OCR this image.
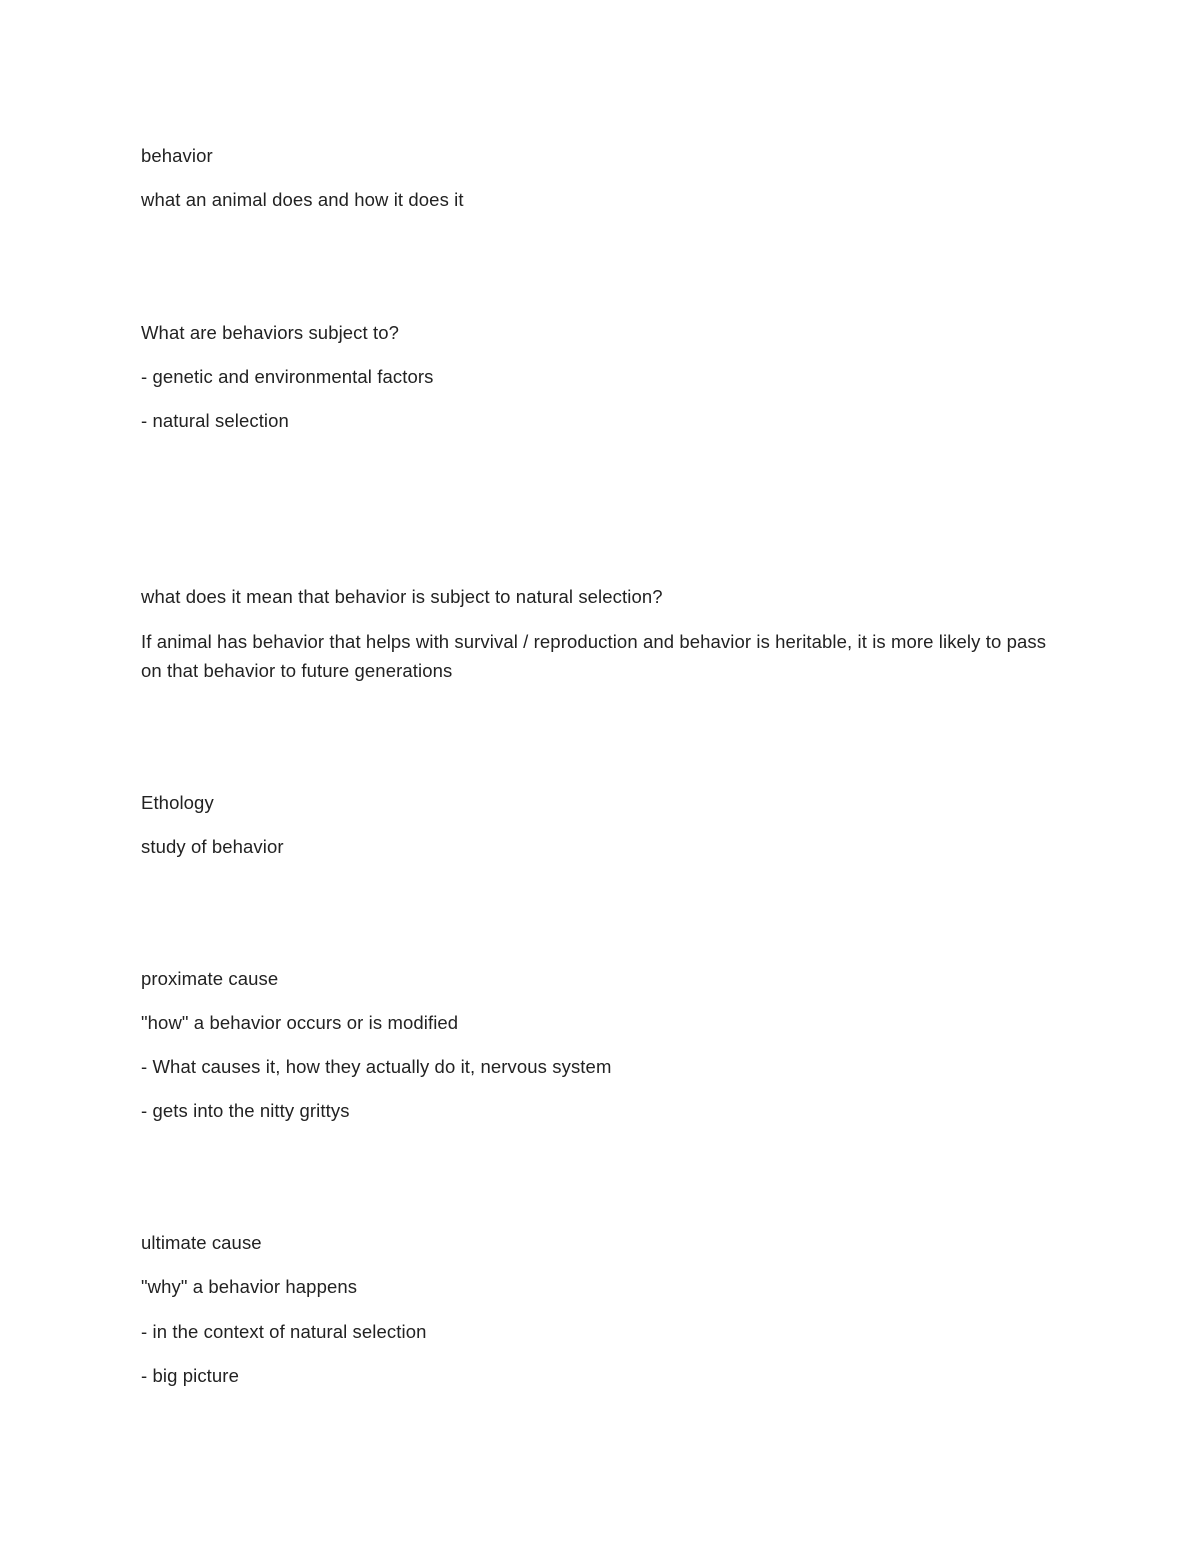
behavior
what an animal does and how it does it
What are behaviors subject to?
- genetic and environmental factors
- natural selection
what does it mean that behavior is subject to natural selection?
If animal has behavior that helps with survival / reproduction and behavior is heritable, it is more likely to pass on that behavior to future generations
Ethology
study of behavior
proximate cause
"how" a behavior occurs or is modified
- What causes it, how they actually do it, nervous system
- gets into the nitty grittys
ultimate cause
"why" a behavior happens
- in the context of natural selection
- big picture
